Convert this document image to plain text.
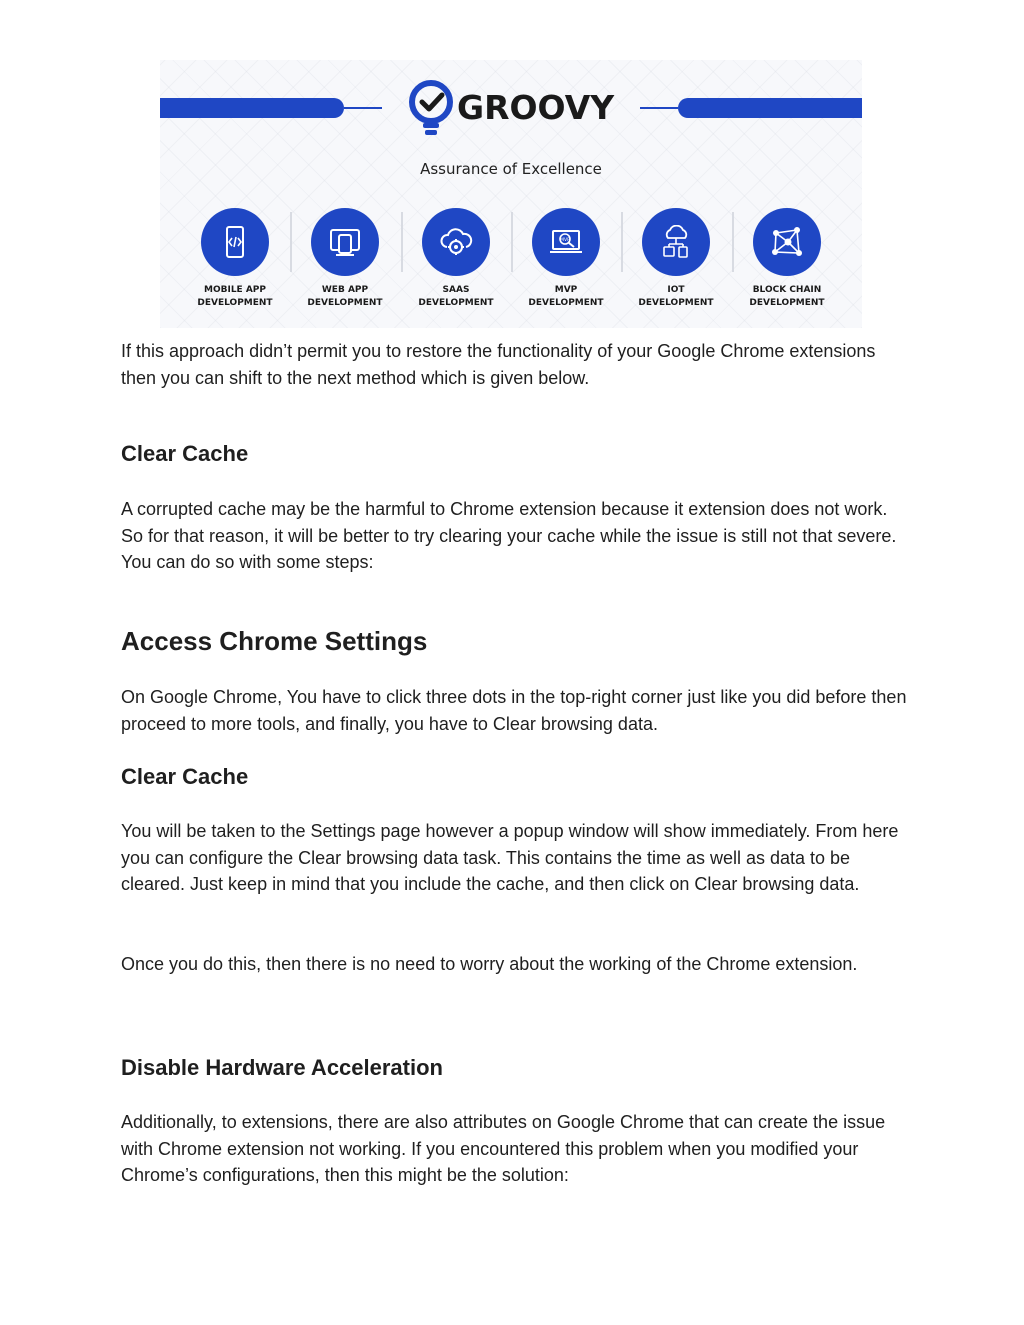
GROOVY
Assurance of Excellence
MOBILE APP
DEVELOPMENT
WEB APP
DEVELOPMENT
SAAS
DEVELOPMENT
MVP
MVP
DEVELOPMENT
IOT
DEVELOPMENT
BLOCK CHAIN
DEVELOPMENT

If this approach didn’t permit you to restore the functionality of your Google Chrome extensions then you can shift to the next method which is given below.

Clear Cache

A corrupted cache may be the harmful to Chrome extension because it extension does not work. So for that reason, it will be better to try clearing your cache while the issue is still not that severe. You can do so with some steps:

Access Chrome Settings

On Google Chrome, You have to click three dots in the top-right corner just like you did before then proceed to more tools, and finally, you have to Clear browsing data.

Clear Cache

You will be taken to the Settings page however a popup window will show immediately. From here you can configure the Clear browsing data task. This contains the time as well as data to be cleared. Just keep in mind that you include the cache, and then click on Clear browsing data.

Once you do this, then there is no need to worry about the working of the Chrome extension.

Disable Hardware Acceleration

Additionally, to extensions, there are also attributes on Google Chrome that can create the issue with Chrome extension not working. If you encountered this problem when you modified your Chrome’s configurations, then this might be the solution:
